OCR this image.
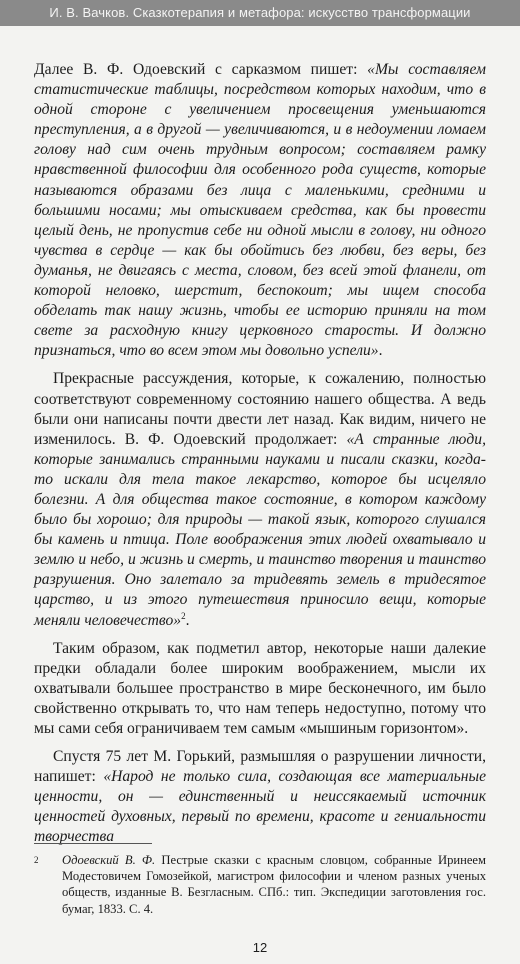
И. В. Вачков. Сказкотерапия и метафора: искусство трансформации

Далее В. Ф. Одоевский с сарказмом пишет: «Мы составляем статистические таблицы, посредством которых находим, что в одной стороне с увеличением просвещения уменьшаются преступления, а в другой — увеличиваются, и в недоумении ломаем голову над сим очень трудным вопросом; составляем рамку нравственной философии для особенного рода существ, которые называются образами без лица с маленькими, средними и большими носами; мы отыскиваем средства, как бы провести целый день, не пропустив себе ни одной мысли в голову, ни одного чувства в сердце — как бы обойтись без любви, без веры, без думанья, не двигаясь с места, словом, без всей этой фланели, от которой неловко, шерстит, беспокоит; мы ищем способа обделать так нашу жизнь, чтобы ее историю приняли на том свете за расходную книгу церковного старосты. И должно признаться, что во всем этом мы довольно успели».

Прекрасные рассуждения, которые, к сожалению, полностью соответствуют современному состоянию нашего общества. А ведь были они написаны почти двести лет назад. Как видим, ничего не изменилось. В. Ф. Одоевский продолжает: «А странные люди, которые занимались странными науками и писали сказки, когда-то искали для тела такое лекарство, которое бы исцеляло болезни. А для общества такое состояние, в котором каждому было бы хорошо; для природы — такой язык, которого слушался бы камень и птица. Поле воображения этих людей охватывало и землю и небо, и жизнь и смерть, и таинство творения и таинство разрушения. Оно залетало за тридевять земель в тридесятое царство, и из этого путешествия приносило вещи, которые меняли человечество»$^2$.

Таким образом, как подметил автор, некоторые наши далекие предки обладали более широким воображением, мысли их охватывали большее пространство в мире бесконечного, им было свойственно открывать то, что нам теперь недоступно, потому что мы сами себя ограничиваем тем самым «мышиным горизонтом».

Спустя 75 лет М. Горький, размышляя о разрушении личности, напишет: «Народ не только сила, создающая все материальные ценности, он — единственный и неиссякаемый источник ценностей духовных, первый по времени, красоте и гениальности творчества

2 Одоевский В. Ф. Пестрые сказки с красным словцом, собранные Иринеем Модестовичем Гомозейкой, магистром философии и членом разных ученых обществ, изданные В. Безгласным. СПб.: тип. Экспедиции заготовления гос. бумаг, 1833. С. 4.
12
